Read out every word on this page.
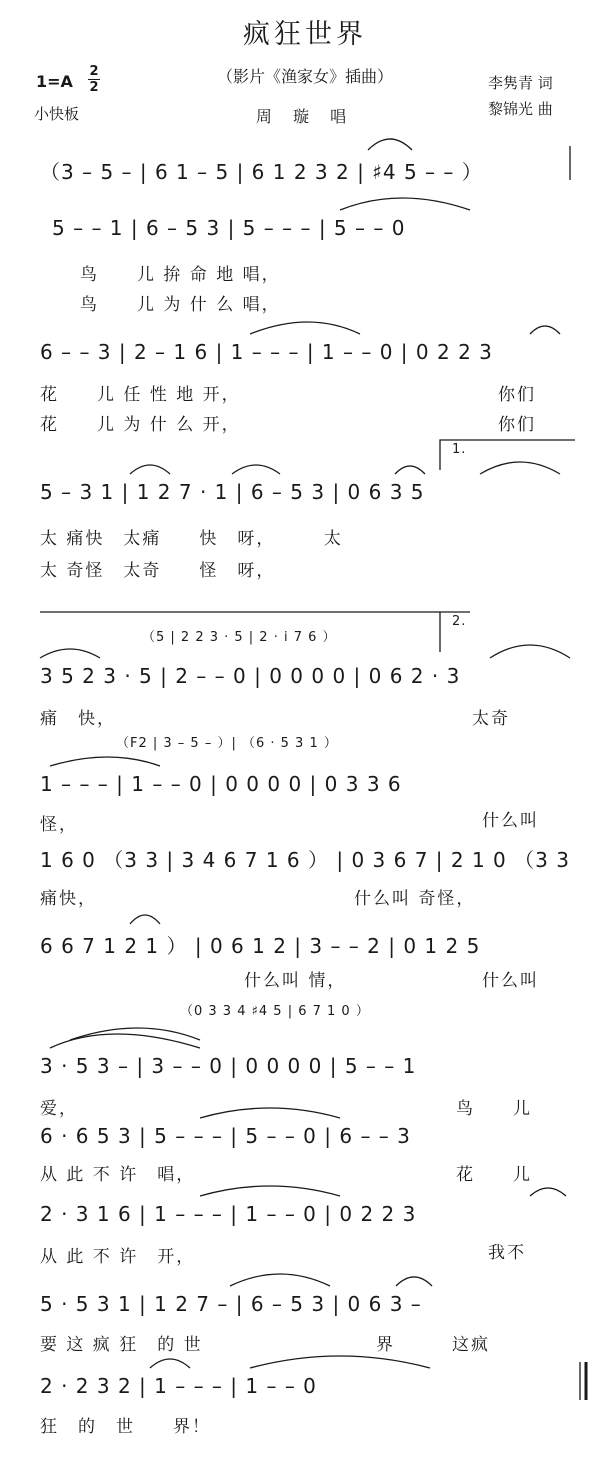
疯狂世界
（影片《渔家女》插曲）
1=A
2
2
小快板
李隽青 词
黎锦光 曲
周 璇 唱
（3 – 5 – | 6 1 – 5 | 6 1 2 3 2 | ♯4 5 – – ）
5 – – 1 | 6 – 5 3 | 5 – – – | 5 – – 0
鸟　　儿 拚 命 地 唱，
鸟　　儿 为 什 么 唱，
6 – – 3 | 2 – 1 6 | 1 – – – | 1 – – 0 | 0 2 2 3
花　　儿 任 性 地 开，
花　　儿 为 什 么 开，
你们
你们
1.
5 – 3 1 | 1 2 7 · 1 | 6 – 5 3 | 0 6 3 5
太 痛快　太痛　　快　呀，　　　太
太 奇怪　太奇　　怪　呀，
（5 | 2 2 3 · 5 | 2 · i 7 6 ）
2.
3 5 2 3 · 5 | 2 – – 0 | 0 0 0 0 | 0 6 2 · 3
痛　快，	太奇
（F2 | 3 – 5 – ）| （6 · 5 3 1 ）
1 – – – | 1 – – 0 | 0 0 0 0 | 0 3 3 6
怪，	什么叫
1 6 0 （3 3 | 3 4 6 7 1 6 ） | 0 3 6 7 | 2 1 0 （3 3
痛快，	什么叫 奇怪，
6 6 7 1 2 1 ） | 0 6 1 2 | 3 – – 2 | 0 1 2 5
什么叫 情，	什么叫
（0 3 3 4 ♯4 5 | 6 7 1 0 ）
3 · 5 3 – | 3 – – 0 | 0 0 0 0 | 5 – – 1
爱，	鸟　　儿
6 · 6 5 3 | 5 – – – | 5 – – 0 | 6 – – 3
从 此 不 许　唱，	花　　儿
2 · 3 1 6 | 1 – – – | 1 – – 0 | 0 2 2 3
从 此 不 许　开，	我不
5 · 5 3 1 | 1 2 7 – | 6 – 5 3 | 0 6 3 –
要 这 疯 狂　的 世	界　　　这疯
2 · 2 3 2 | 1 – – – | 1 – – 0
狂　的　世　　界！
